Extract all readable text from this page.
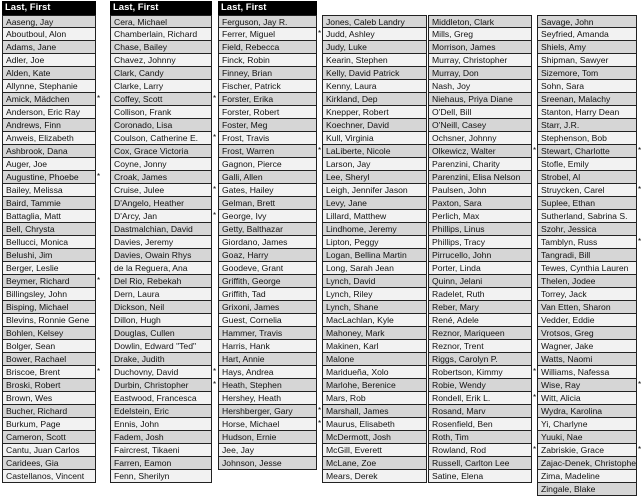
Last, First
Aaseng, Jay
Aboutboul, Alon
Adams, Jane
Adler, Joe
Alden, Kate
Allynne, Stephanie
Amick, Mädchen	*
Anderson, Eric Ray
Andrews, Finn
Anweis, Elizabeth
Ashbrook, Dana
Auger, Joe
Augustine, Phoebe	*
Bailey, Melissa
Baird, Tammie
Battaglia, Matt
Bell, Chrysta
Bellucci, Monica
Belushi, Jim
Berger, Leslie
Beymer, Richard	*
Billingsley, John
Bisping, Michael
Blevins, Ronnie Gene
Bohlen, Kelsey
Bolger, Sean
Bower, Rachael
Briscoe, Brent	*
Broski, Robert
Brown, Wes
Bucher, Richard
Burkum, Page
Cameron, Scott
Cantu, Juan Carlos
Caridees, Gia
Castellanos, Vincent
Last, First
Cera, Michael
Chamberlain, Richard
Chase, Bailey
Chavez, Johnny
Clark, Candy
Clarke, Larry
Coffey, Scott	*
Collison, Frank
Coronado, Lisa
Coulson, Catherine E.	*
Cox, Grace Victoria
Coyne, Jonny
Croak, James
Cruise, Julee	*
D'Angelo, Heather
D'Arcy, Jan	*
Dastmalchian, David
Davies, Jeremy
Davies, Owain Rhys
de la Reguera, Ana
Del Rio, Rebekah
Dern, Laura
Dickson, Neil
Dillon, Hugh
Douglas, Cullen
Dowlin, Edward "Ted"
Drake, Judith
Duchovny, David	*
Durbin, Christopher	*
Eastwood, Francesca
Edelstein, Eric
Ennis, John
Fadem, Josh
Faircrest, Tikaeni
Farren, Eamon
Fenn, Sherilyn
Last, First
Ferguson, Jay R.
Ferrer, Miguel	*
Field, Rebecca
Finck, Robin
Finney, Brian
Fischer, Patrick
Forster, Erika
Forster, Robert
Foster, Meg
Frost, Travis
Frost, Warren	*
Gagnon, Pierce
Galli, Allen
Gates, Hailey
Gelman, Brett
George, Ivy
Getty, Balthazar
Giordano, James
Goaz, Harry
Goodeve, Grant
Griffith, George
Griffith, Tad
Grixoni, James
Guest, Cornelia
Hammer, Travis
Harris, Hank
Hart, Annie
Hays, Andrea
Heath, Stephen
Hershey, Heath
Hershberger, Gary	*
Horse, Michael	*
Hudson, Ernie
Jee, Jay
Johnson, Jesse
Jones, Caleb Landry
Judd, Ashley
Judy, Luke
Kearin, Stephen
Kelly, David Patrick
Kenny, Laura
Kirkland, Dep
Knepper, Robert
Koechner, David
Kull, Virginia
LaLiberte, Nicole
Larson, Jay
Lee, Sheryl
Leigh, Jennifer Jason
Levy, Jane
Lillard, Matthew
Lindhome, Jeremy
Lipton, Peggy
Logan, Bellina Martin
Long, Sarah Jean
Lynch, David
Lynch, Riley
Lynch, Shane
MacLachlan, Kyle
Mahoney, Mark
Makinen, Karl
Malone
Maridueña, Xolo
Marlohe, Berenice
Mars, Rob
Marshall, James
Maurus, Elisabeth
McDermott, Josh
McGill, Everett
McLane, Zoe
Mears, Derek
Middleton, Clark
Mills, Greg
Morrison, James
Murray, Christopher
Murray, Don
Nash, Joy
Niehaus, Priya Diane
O'Dell, Bill
O'Neill, Casey
Ochsner, Johnny
Olkewicz, Walter	*
Parenzini, Charity
Parenzini, Elisa Nelson
Paulsen, John
Paxton, Sara
Perlich, Max
Phillips, Linus
Phillips, Tracy
Pirrucello, John
Porter, Linda
Quinn, Jelani
Radelet, Ruth
Reber, Mary
René, Adele
Reznor, Mariqueen
Reznor, Trent
Riggs, Carolyn P.
Robertson, Kimmy	*
Robie, Wendy
Rondell, Erik L.	*
Rosand, Marv
Rosenfield, Ben
Roth, Tim
Rowland, Rod	*
Russell, Carlton Lee
Satine, Elena
Savage, John
Seyfried, Amanda
Shiels, Amy
Shipman, Sawyer
Sizemore, Tom
Sohn, Sara
Sreenan, Malachy
Stanton, Harry Dean
Starr, J.R.
Stephenson, Bob
Stewart, Charlotte	*
Stofle, Emily
Strobel, Al
Struycken, Carel	*
Suplee, Ethan
Sutherland, Sabrina S.
Szohr, Jessica
Tamblyn, Russ	*
Tangradi, Bill
Tewes, Cynthia Lauren
Thelen, Jodee
Torrey, Jack
Van Etten, Sharon
Vedder, Eddie
Vrotsos, Greg
Wagner, Jake
Watts, Naomi
Williams, Nafessa
Wise, Ray	*
Witt, Alicia
Wydra, Karolina
Yi, Charlyne
Yuuki, Nae
Zabriskie, Grace	*
Zajac-Denek, Christophe
Zima, Madeline
Zingale, Blake
